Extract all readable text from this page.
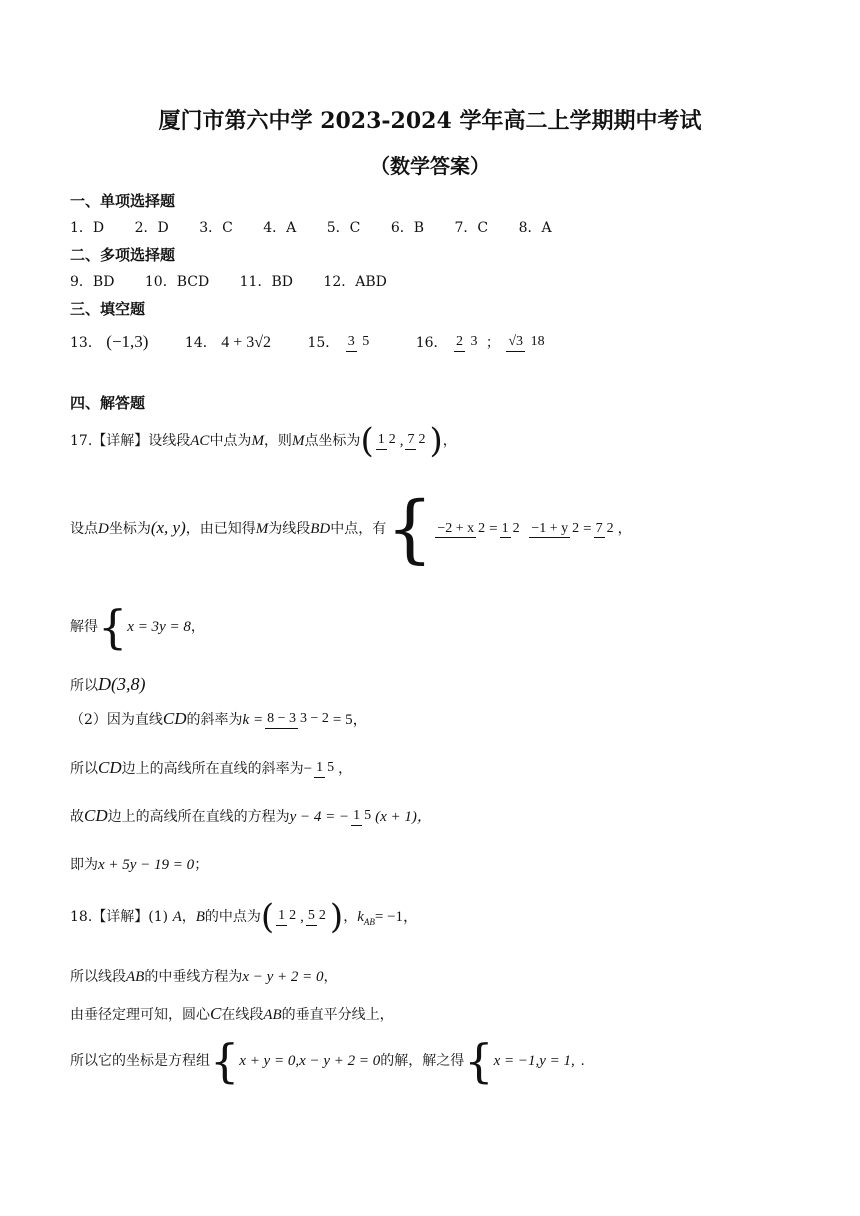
厦门市第六中学 2023-2024 学年高二上学期期中考试
（数学答案）
一、单项选择题
1．D 2．D 3．C 4．A 5．C 6．B 7．C 8．A
二、多项选择题
9．BD 10．BCD 11．BD 12．ABD
三、填空题
13． (−1,3)	14． 4 + 3√2	15． 3 5	16． 2 3 ； √3 18
四、解答题
17.【详解】设线段AC中点为M，则M点坐标为( 1 2 , 7 2 )，
设点D坐标为(x, y)，由已知得M为线段BD中点，有{ −2 + x 2 = 1 2 −1 + y 2 = 7 2 ，
解得{x = 3y = 8，
所以D(3,8)
（2）因为直线CD的斜率为k = 8 − 3 3 − 2 = 5，
所以CD边上的高线所在直线的斜率为− 1 5 ，
故CD边上的高线所在直线的方程为y − 4 = − 1 5 (x + 1)，
即为x + 5y − 19 = 0；
18.【详解】(1) A，B的中点为( 1 2 , 5 2 )，$k_{AB}= -1$，
所以线段AB的中垂线方程为x − y + 2 = 0，
由垂径定理可知，圆心C在线段AB的垂直平分线上，
所以它的坐标是方程组{x + y = 0,x − y + 2 = 0的解，解之得{x = −1,y = 1, .
